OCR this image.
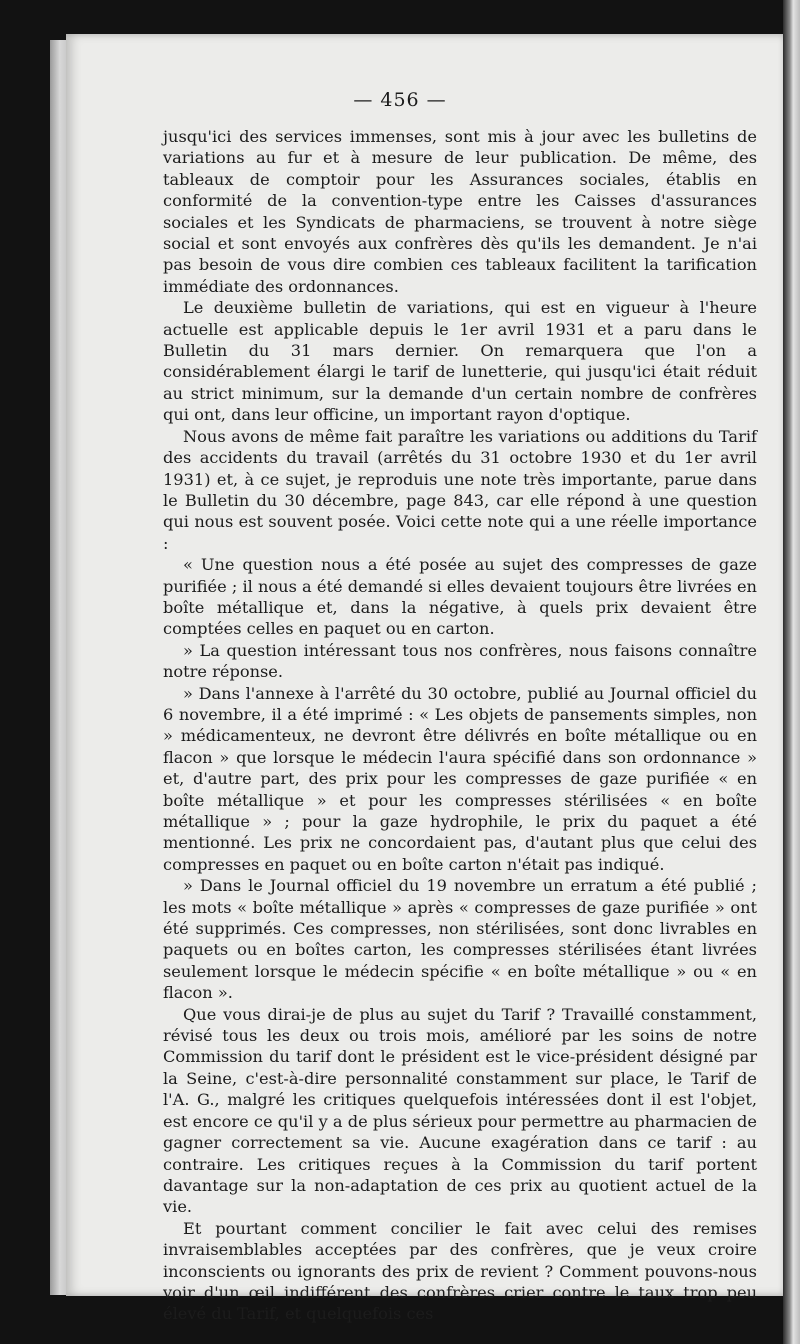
— 456 —

jusqu'ici des services immenses, sont mis à jour avec les bulletins de variations au fur et à mesure de leur publication. De même, des tableaux de comptoir pour les Assurances sociales, établis en conformité de la convention-type entre les Caisses d'assurances sociales et les Syndicats de pharmaciens, se trouvent à notre siège social et sont envoyés aux confrères dès qu'ils les demandent. Je n'ai pas besoin de vous dire combien ces tableaux facilitent la tarification immédiate des ordonnances.

Le deuxième bulletin de variations, qui est en vigueur à l'heure actuelle est applicable depuis le 1er avril 1931 et a paru dans le Bulletin du 31 mars dernier. On remarquera que l'on a considérablement élargi le tarif de lunetterie, qui jusqu'ici était réduit au strict minimum, sur la demande d'un certain nombre de confrères qui ont, dans leur officine, un important rayon d'optique.

Nous avons de même fait paraître les variations ou additions du Tarif des accidents du travail (arrêtés du 31 octobre 1930 et du 1er avril 1931) et, à ce sujet, je reproduis une note très importante, parue dans le Bulletin du 30 décembre, page 843, car elle répond à une question qui nous est souvent posée. Voici cette note qui a une réelle importance :

« Une question nous a été posée au sujet des compresses de gaze purifiée ; il nous a été demandé si elles devaient toujours être livrées en boîte métallique et, dans la négative, à quels prix devaient être comptées celles en paquet ou en carton.

» La question intéressant tous nos confrères, nous faisons connaître notre réponse.

» Dans l'annexe à l'arrêté du 30 octobre, publié au Journal officiel du 6 novembre, il a été imprimé : « Les objets de pansements simples, non » médicamenteux, ne devront être délivrés en boîte métallique ou en flacon » que lorsque le médecin l'aura spécifié dans son ordonnance » et, d'autre part, des prix pour les compresses de gaze purifiée « en boîte métallique » et pour les compresses stérilisées « en boîte métallique » ; pour la gaze hydrophile, le prix du paquet a été mentionné. Les prix ne concordaient pas, d'autant plus que celui des compresses en paquet ou en boîte carton n'était pas indiqué.

» Dans le Journal officiel du 19 novembre un erratum a été publié ; les mots « boîte métallique » après « compresses de gaze purifiée » ont été supprimés. Ces compresses, non stérilisées, sont donc livrables en paquets ou en boîtes carton, les compresses stérilisées étant livrées seulement lorsque le médecin spécifie « en boîte métallique » ou « en flacon ».

Que vous dirai-je de plus au sujet du Tarif ? Travaillé constamment, révisé tous les deux ou trois mois, amélioré par les soins de notre Commission du tarif dont le président est le vice-président désigné par la Seine, c'est-à-dire personnalité constamment sur place, le Tarif de l'A. G., malgré les critiques quelquefois intéressées dont il est l'objet, est encore ce qu'il y a de plus sérieux pour permettre au pharmacien de gagner correctement sa vie. Aucune exagération dans ce tarif : au contraire. Les critiques reçues à la Commission du tarif portent davantage sur la non-adaptation de ces prix au quotient actuel de la vie.

Et pourtant comment concilier le fait avec celui des remises invraisemblables acceptées par des confrères, que je veux croire inconscients ou ignorants des prix de revient ? Comment pouvons-nous voir d'un œil indifférent des confrères crier contre le taux trop peu élevé du Tarif, et quelquefois ces
